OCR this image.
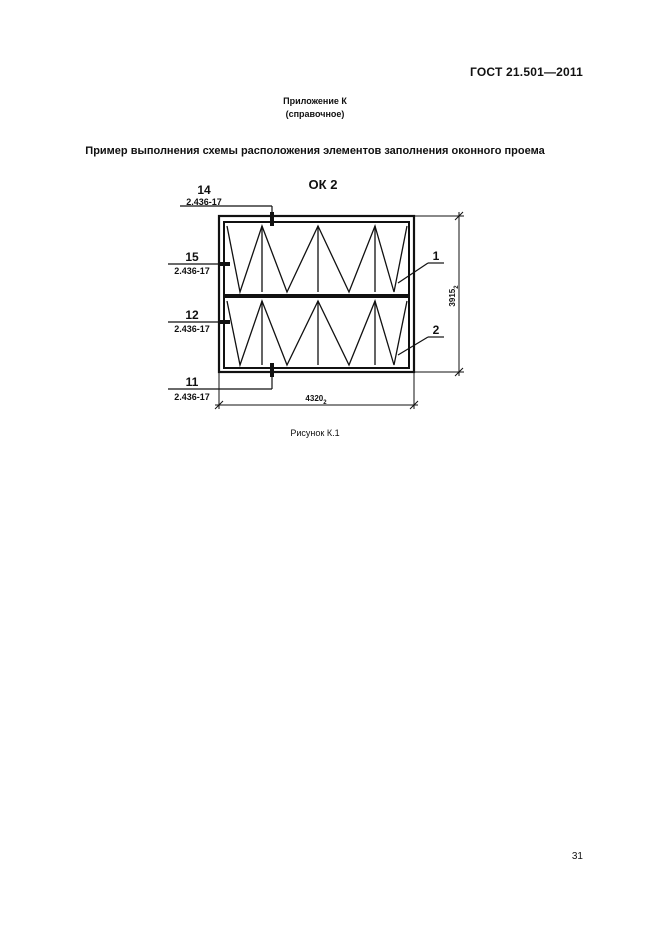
ГОСТ 21.501—2011
Приложение К
(справочное)
Пример выполнения схемы расположения элементов заполнения оконного проема
ОК 2
14
2.436-17
15
2.436-17
12
2.436-17
11
2.436-17
1
2
$3915_2$
$4320_2$
Рисунок К.1
31
